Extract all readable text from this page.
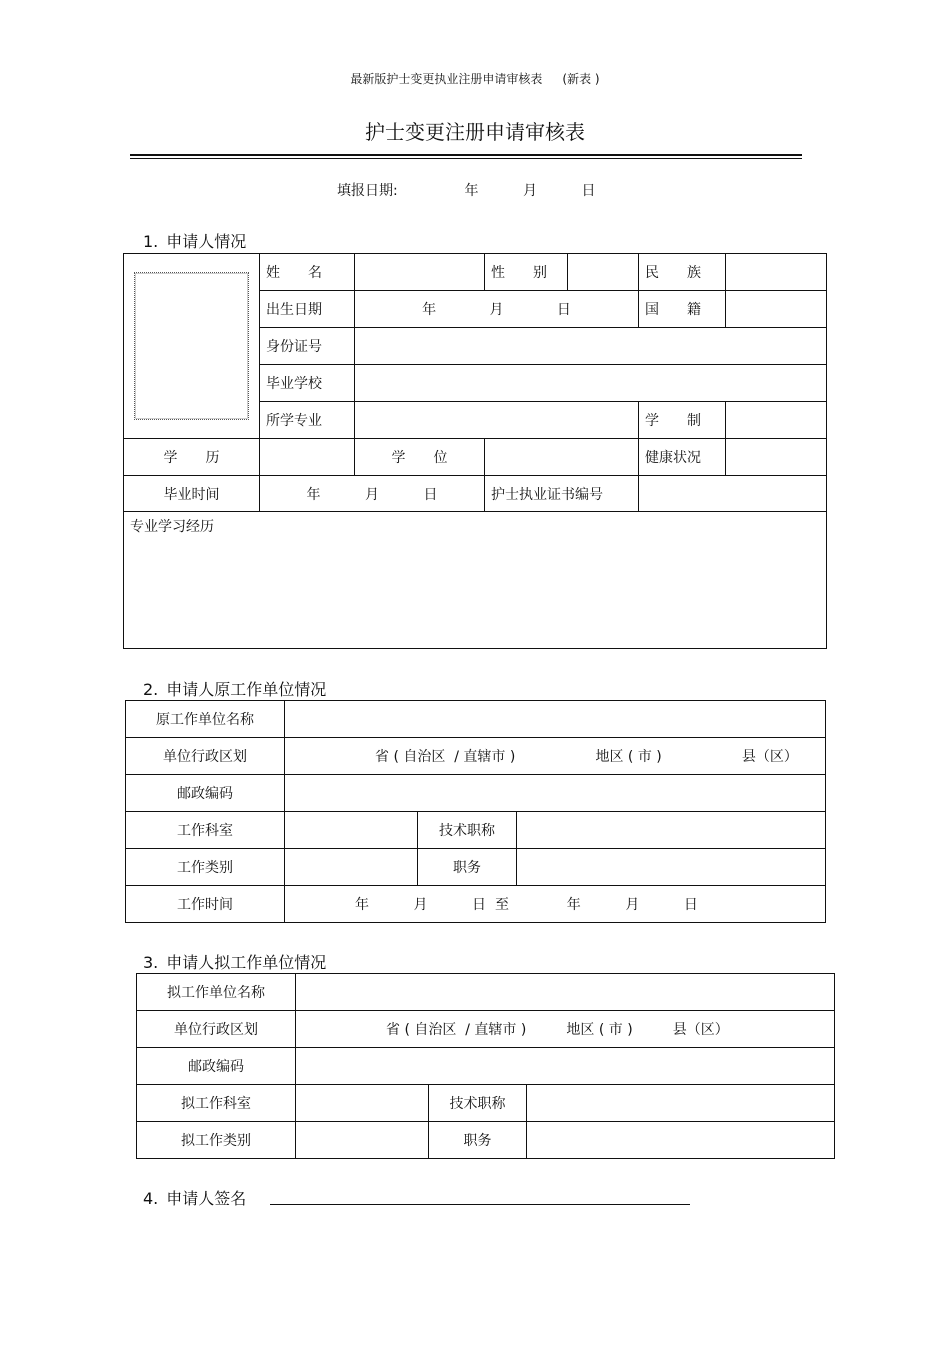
最新版护士变更执业注册申请审核表 (新表 )
护士变更注册申请审核表
填报日期:	年	月	日
1. 申请人情况
	姓　　名		性　　别		民　　族	
	出生日期	年 月 日			国　　籍	
	身份证号					
	毕业学校					
	所学专业				学　　制	
学　　历		学　　位			健康状况	
毕业时间	年 月 日		护士执业证书编号			
专业学习经历						
2. 申请人原工作单位情况
原工作单位名称			
单位行政区划	省 ( 自治区  / 直辖市 ) 地区 ( 市 ) 县（区）		
邮政编码			
工作科室		技术职称	
工作类别		职务	
工作时间	年 月 日 至 年 月 日		
3. 申请人拟工作单位情况
拟工作单位名称			
单位行政区划	省 ( 自治区  / 直辖市 ) 地区 ( 市 ) 县（区）		
邮政编码			
拟工作科室		技术职称	
拟工作类别		职务	
4. 申请人签名
